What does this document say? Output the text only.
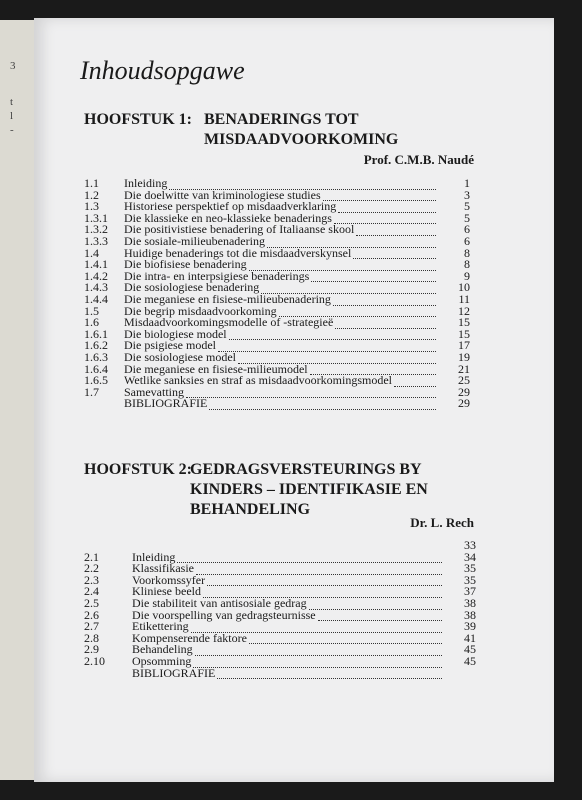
3
t
l
-
Inhoudsopgawe
HOOFSTUK 1: BENADERINGS TOT
MISDAADVOORKOMING
Prof. C.M.B. Naudé
1.1 Inleiding	1
1.2 Die doelwitte van kriminologiese studies	3
1.3 Historiese perspektief op misdaadverklaring	5
1.3.1 Die klassieke en neo-klassieke benaderings	5
1.3.2 Die positivistiese benadering of Italiaanse skool	6
1.3.3 Die sosiale-milieubenadering	6
1.4 Huidige benaderings tot die misdaadverskynsel	8
1.4.1 Die biofisiese benadering	8
1.4.2 Die intra- en interpsigiese benaderings	9
1.4.3 Die sosiologiese benadering	10
1.4.4 Die meganiese en fisiese-milieubenadering	11
1.5 Die begrip misdaadvoorkoming	12
1.6 Misdaadvoorkomingsmodelle of -strategieë	15
1.6.1 Die biologiese model	15
1.6.2 Die psigiese model	17
1.6.3 Die sosiologiese model	19
1.6.4 Die meganiese en fisiese-milieumodel	21
1.6.5 Wetlike sanksies en straf as misdaadvoorkomingsmodel	25
1.7 Samevatting	29
BIBLIOGRAFIE	29
HOOFSTUK 2:
GEDRAGSVERSTEURINGS BY
KINDERS – IDENTIFIKASIE EN
BEHANDELING
Dr. L. Rech
33
2.1	Inleiding	34
2.2	Klassifikasie	35
2.3	Voorkomssyfer	35
2.4	Kliniese beeld	37
2.5	Die stabiliteit van antisosiale gedrag	38
2.6	Die voorspelling van gedragsteurnisse	38
2.7	Etikettering	39
2.8	Kompenserende faktore	41
2.9	Behandeling	45
2.10 Opsomming	45
BIBLIOGRAFIE
